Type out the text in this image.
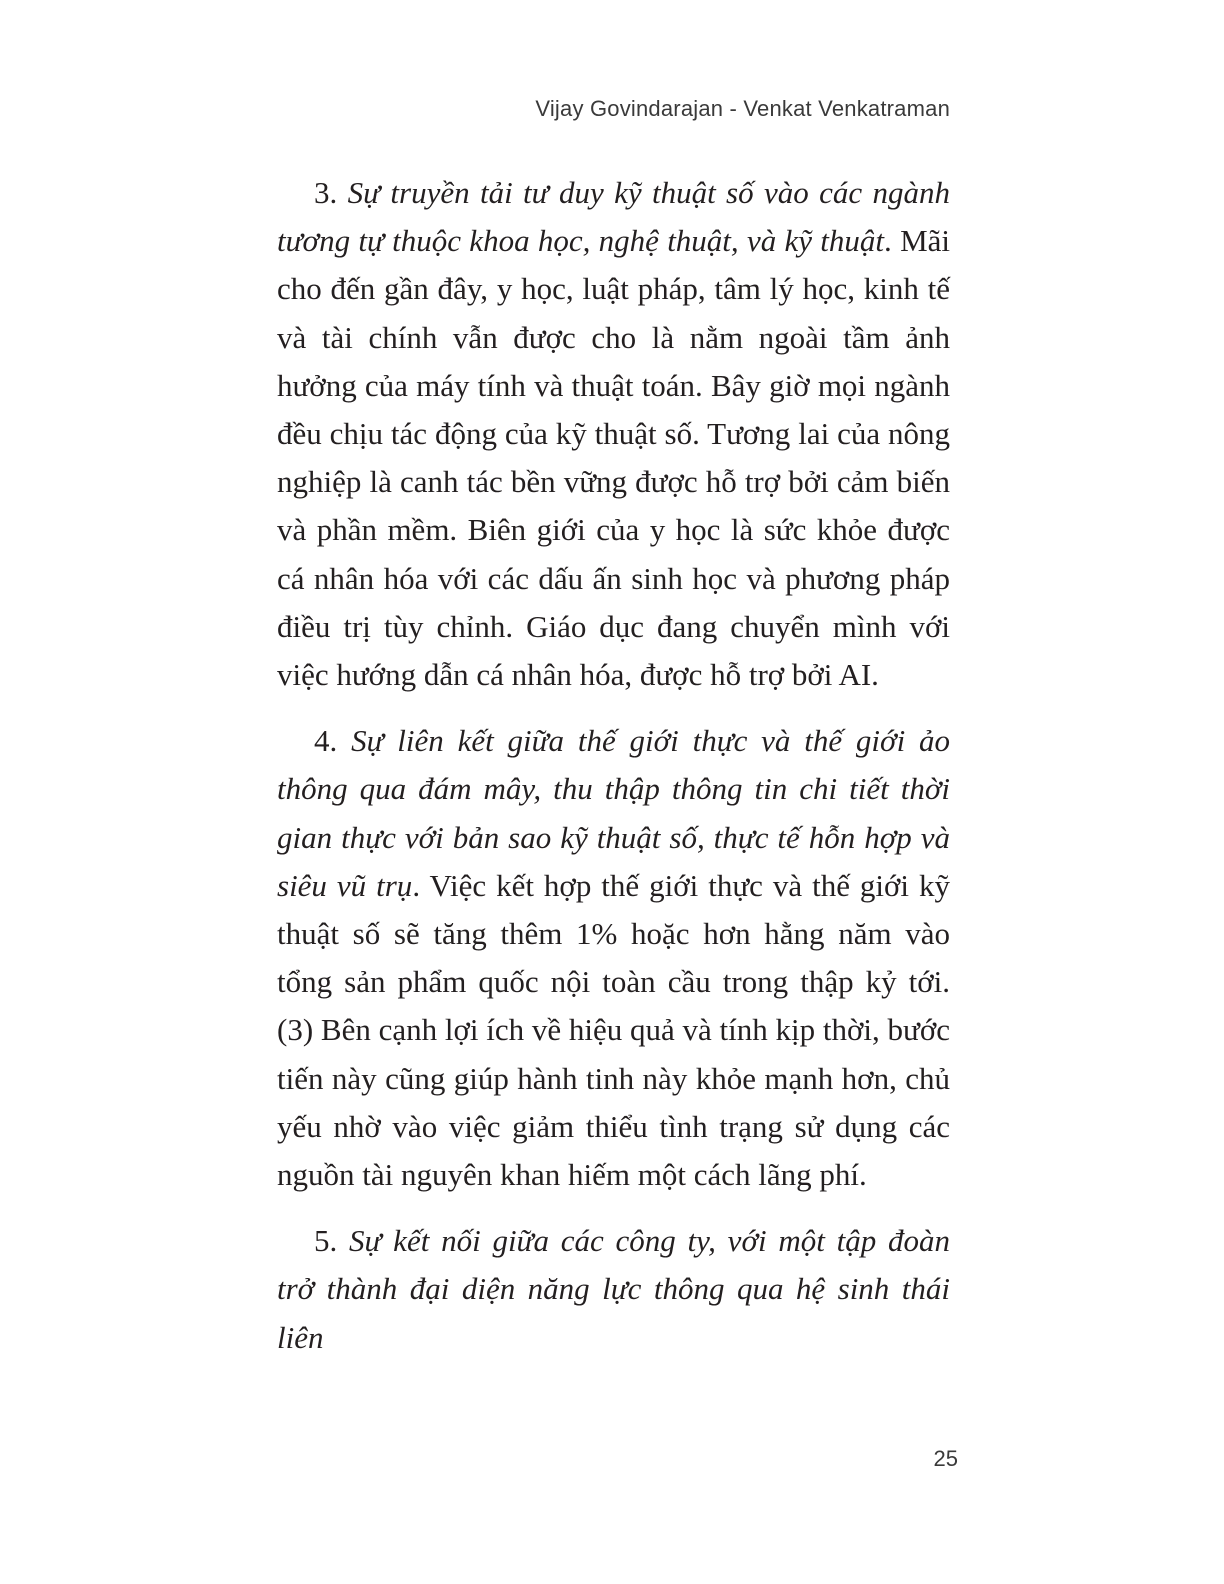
Vijay Govindarajan - Venkat Venkatraman

3. Sự truyền tải tư duy kỹ thuật số vào các ngành tương tự thuộc khoa học, nghệ thuật, và kỹ thuật. Mãi cho đến gần đây, y học, luật pháp, tâm lý học, kinh tế và tài chính vẫn được cho là nằm ngoài tầm ảnh hưởng của máy tính và thuật toán. Bây giờ mọi ngành đều chịu tác động của kỹ thuật số. Tương lai của nông nghiệp là canh tác bền vững được hỗ trợ bởi cảm biến và phần mềm. Biên giới của y học là sức khỏe được cá nhân hóa với các dấu ấn sinh học và phương pháp điều trị tùy chỉnh. Giáo dục đang chuyển mình với việc hướng dẫn cá nhân hóa, được hỗ trợ bởi AI.

4. Sự liên kết giữa thế giới thực và thế giới ảo thông qua đám mây, thu thập thông tin chi tiết thời gian thực với bản sao kỹ thuật số, thực tế hỗn hợp và siêu vũ trụ. Việc kết hợp thế giới thực và thế giới kỹ thuật số sẽ tăng thêm 1% hoặc hơn hằng năm vào tổng sản phẩm quốc nội toàn cầu trong thập kỷ tới. (3) Bên cạnh lợi ích về hiệu quả và tính kịp thời, bước tiến này cũng giúp hành tinh này khỏe mạnh hơn, chủ yếu nhờ vào việc giảm thiểu tình trạng sử dụng các nguồn tài nguyên khan hiếm một cách lãng phí.

5. Sự kết nối giữa các công ty, với một tập đoàn trở thành đại diện năng lực thông qua hệ sinh thái liên

25
